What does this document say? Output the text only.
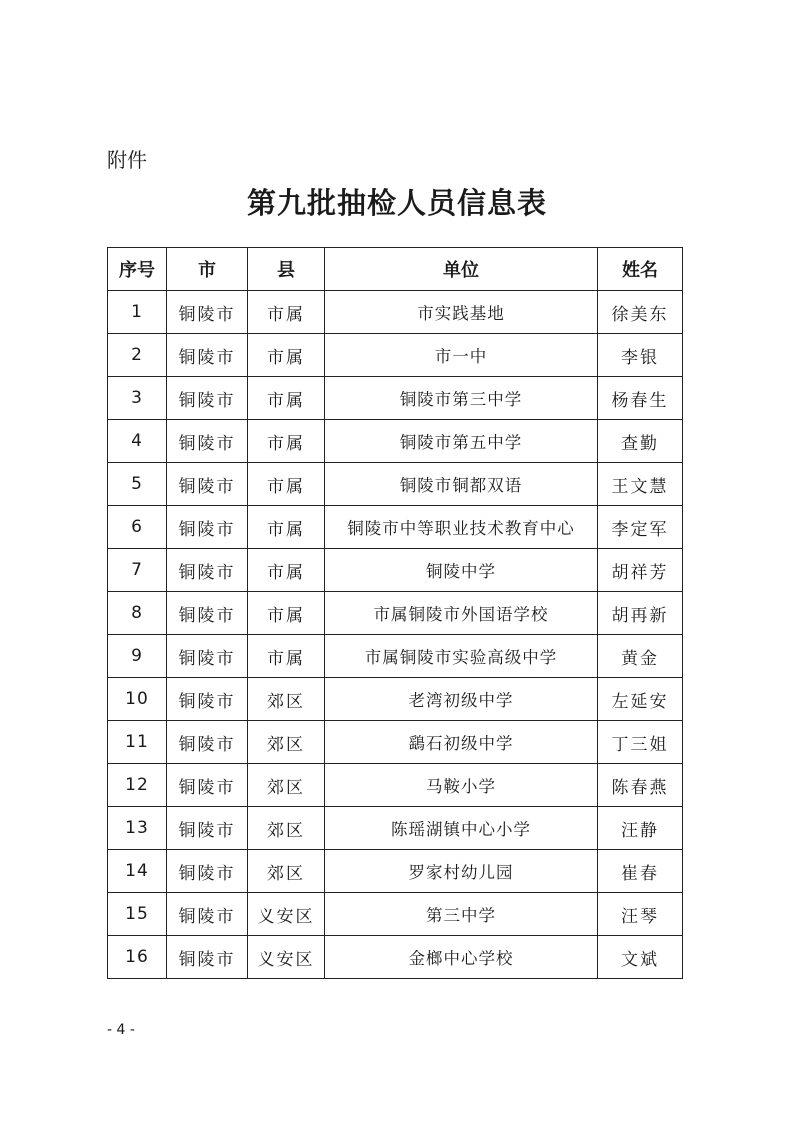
附件
第九批抽检人员信息表
序号	市	县	单位	姓名
1	铜陵市	市属	市实践基地	徐美东
2	铜陵市	市属	市一中	李银
3	铜陵市	市属	铜陵市第三中学	杨春生
4	铜陵市	市属	铜陵市第五中学	查勤
5	铜陵市	市属	铜陵市铜都双语	王文慧
6	铜陵市	市属	铜陵市中等职业技术教育中心	李定军
7	铜陵市	市属	铜陵中学	胡祥芳
8	铜陵市	市属	市属铜陵市外国语学校	胡再新
9	铜陵市	市属	市属铜陵市实验高级中学	黄金
10	铜陵市	郊区	老湾初级中学	左延安
11	铜陵市	郊区	鷂石初级中学	丁三姐
12	铜陵市	郊区	马鞍小学	陈春燕
13	铜陵市	郊区	陈瑶湖镇中心小学	汪静
14	铜陵市	郊区	罗家村幼儿园	崔春
15	铜陵市	义安区	第三中学	汪琴
16	铜陵市	义安区	金榔中心学校	文斌
- 4 -
